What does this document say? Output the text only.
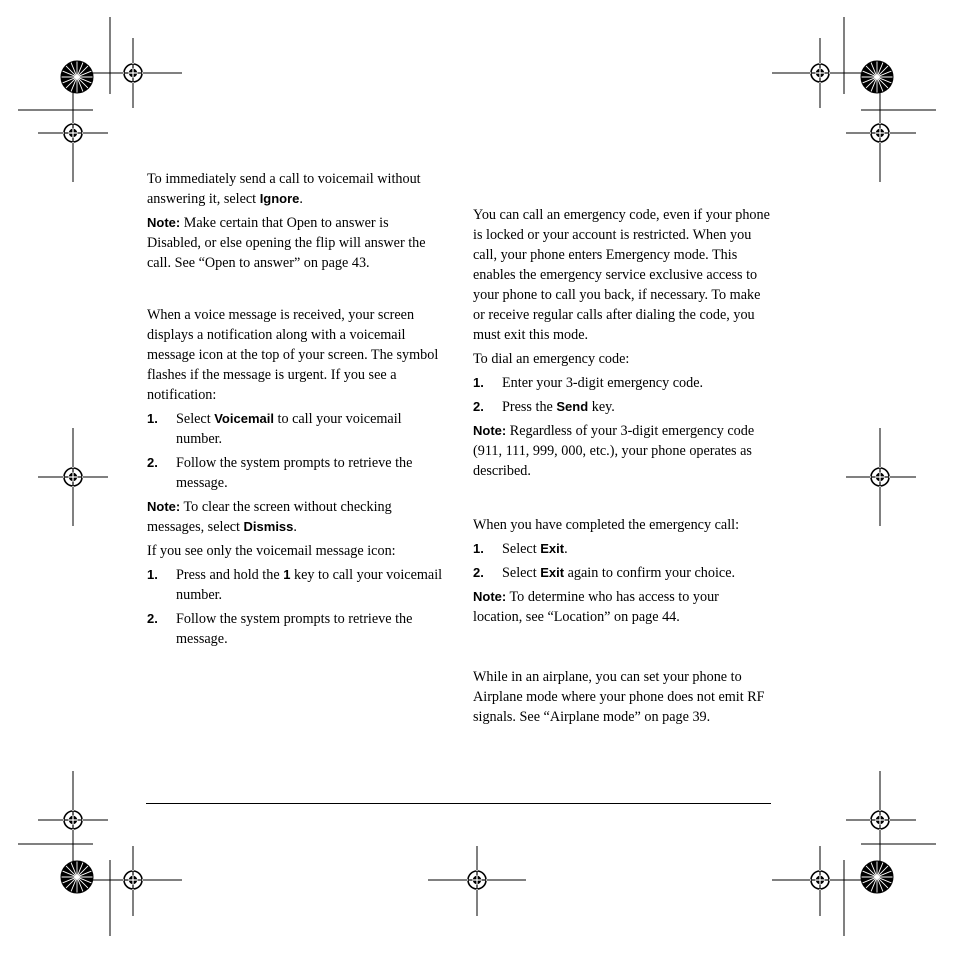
To immediately send a call to voicemail without answering it, select Ignore.

Note: Make certain that Open to answer is Disabled, or else opening the flip will answer the call. See “Open to answer” on page 43.

When a voice message is received, your screen displays a notification along with a voicemail message icon at the top of your screen. The symbol flashes if the message is urgent. If you see a notification:

1.	Select Voicemail to call your voicemail number.
2.	Follow the system prompts to retrieve the message.

Note: To clear the screen without checking messages, select Dismiss.

If you see only the voicemail message icon:

1.	Press and hold the 1 key to call your voicemail number.
2.	Follow the system prompts to retrieve the message.

You can call an emergency code, even if your phone is locked or your account is restricted. When you call, your phone enters Emergency mode. This enables the emergency service exclusive access to your phone to call you back, if necessary. To make or receive regular calls after dialing the code, you must exit this mode.

To dial an emergency code:

1.	Enter your 3-digit emergency code.
2.	Press the Send key.

Note: Regardless of your 3-digit emergency code (911, 111, 999, 000, etc.), your phone operates as described.

When you have completed the emergency call:

1.	Select Exit.
2.	Select Exit again to confirm your choice.

Note: To determine who has access to your location, see “Location” on page 44.

While in an airplane, you can set your phone to Airplane mode where your phone does not emit RF signals. See “Airplane mode” on page 39.
